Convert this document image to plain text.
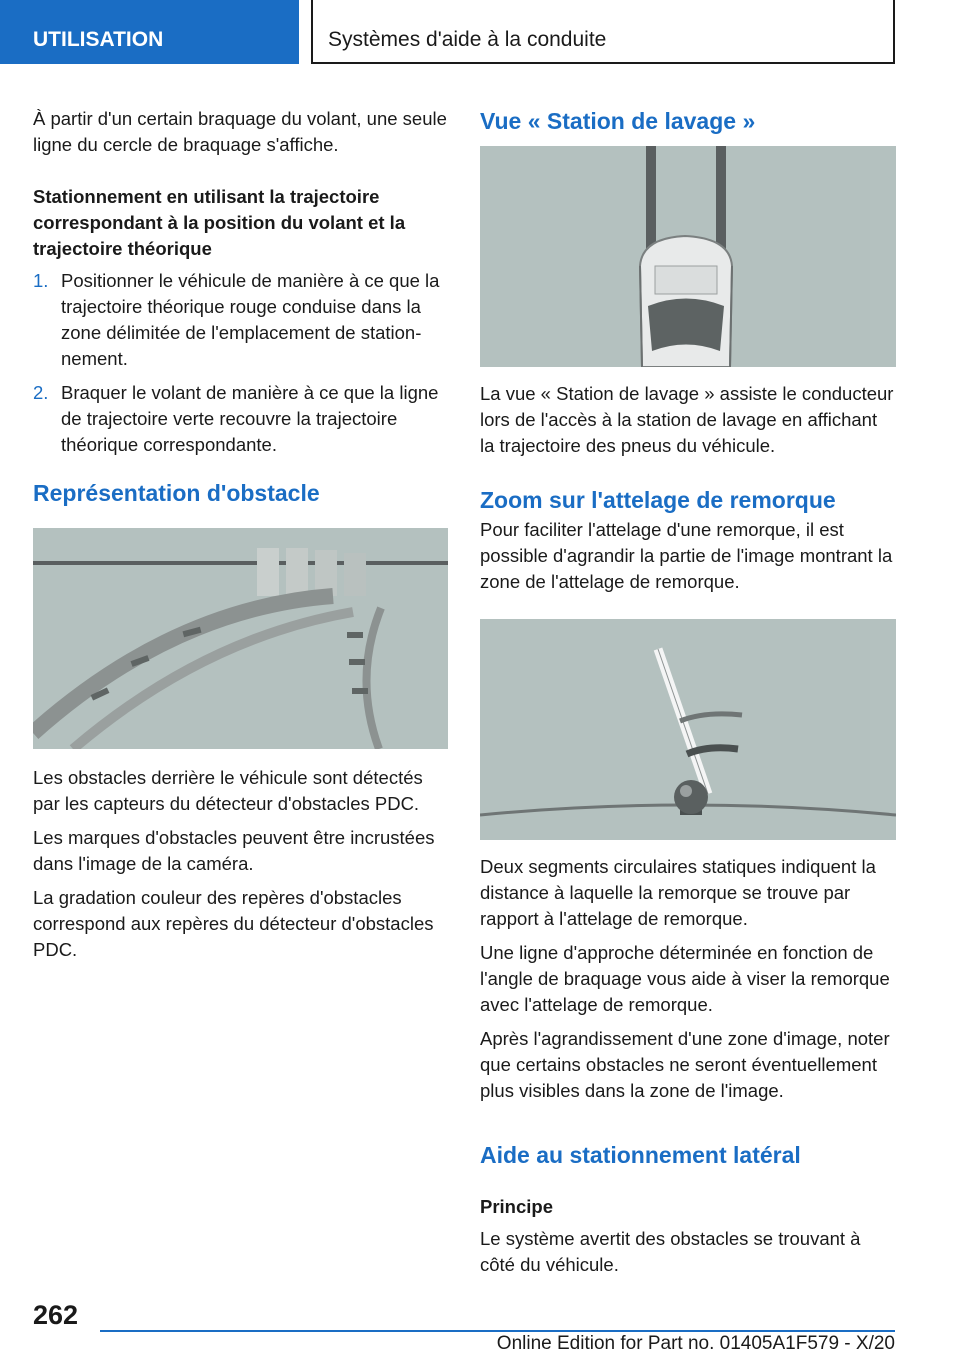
UTILISATION	Systèmes d'aide à la conduite

À partir d'un certain braquage du volant, une seule ligne du cercle de braquage s'affiche.

Stationnement en utilisant la trajectoire correspondant à la position du volant et la trajectoire théorique
1. Positionner le véhicule de manière à ce que la trajectoire théorique rouge conduise dans la zone délimitée de l'emplacement de stationnement.
2. Braquer le volant de manière à ce que la ligne de trajectoire verte recouvre la trajectoire théorique correspondante.
Représentation d'obstacle

Les obstacles derrière le véhicule sont détectés par les capteurs du détecteur d'obstacles PDC.

Les marques d'obstacles peuvent être incrustées dans l'image de la caméra.

La gradation couleur des repères d'obstacles correspond aux repères du détecteur d'obstacles PDC.

Vue « Station de lavage »

La vue « Station de lavage » assiste le conducteur lors de l'accès à la station de lavage en affichant la trajectoire des pneus du véhicule.

Zoom sur l'attelage de remorque

Pour faciliter l'attelage d'une remorque, il est possible d'agrandir la partie de l'image montrant la zone de l'attelage de remorque.

Deux segments circulaires statiques indiquent la distance à laquelle la remorque se trouve par rapport à l'attelage de remorque.

Une ligne d'approche déterminée en fonction de l'angle de braquage vous aide à viser la remorque avec l'attelage de remorque.

Après l'agrandissement d'une zone d'image, noter que certains obstacles ne seront éventuellement plus visibles dans la zone de l'image.

Aide au stationnement latéral
Principe

Le système avertit des obstacles se trouvant à côté du véhicule.

262
Online Edition for Part no. 01405A1F579 - X/20
